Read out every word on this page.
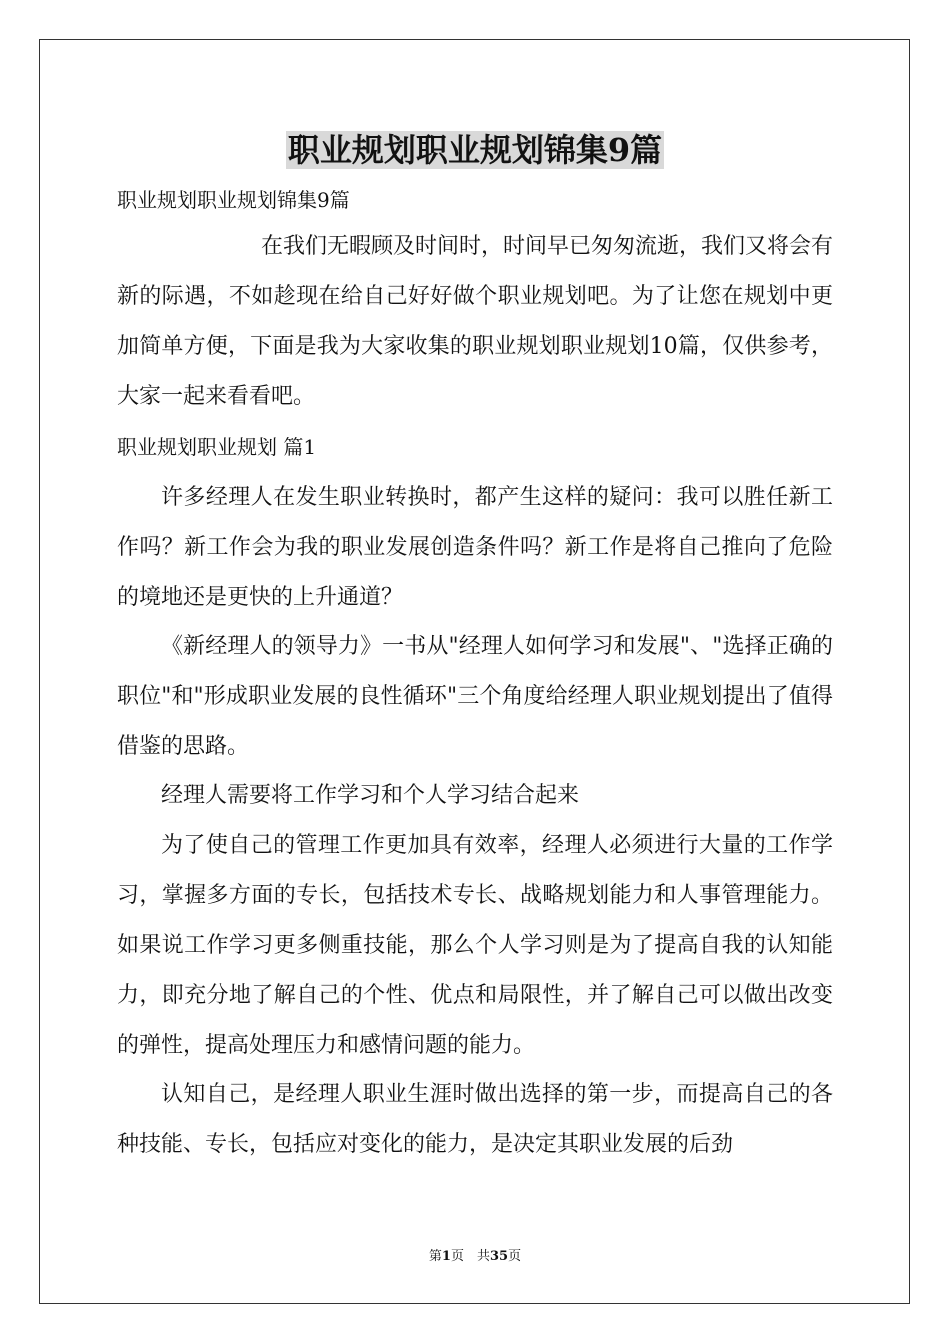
职业规划职业规划锦集9篇
职业规划职业规划锦集9篇
在我们无暇顾及时间时，时间早已匆匆流逝，我们又将会有新的际遇，不如趁现在给自己好好做个职业规划吧。为了让您在规划中更加简单方便，下面是我为大家收集的职业规划职业规划10篇，仅供参考，大家一起来看看吧。
职业规划职业规划 篇1
许多经理人在发生职业转换时，都产生这样的疑问：我可以胜任新工作吗？新工作会为我的职业发展创造条件吗？新工作是将自己推向了危险的境地还是更快的上升通道？
《新经理人的领导力》一书从"经理人如何学习和发展"、"选择正确的职位"和"形成职业发展的良性循环"三个角度给经理人职业规划提出了值得借鉴的思路。
经理人需要将工作学习和个人学习结合起来
为了使自己的管理工作更加具有效率，经理人必须进行大量的工作学习，掌握多方面的专长，包括技术专长、战略规划能力和人事管理能力。如果说工作学习更多侧重技能，那么个人学习则是为了提高自我的认知能力，即充分地了解自己的个性、优点和局限性，并了解自己可以做出改变的弹性，提高处理压力和感情问题的能力。
认知自己，是经理人职业生涯时做出选择的第一步，而提高自己的各种技能、专长，包括应对变化的能力，是决定其职业发展的后劲
第1页　共35页
